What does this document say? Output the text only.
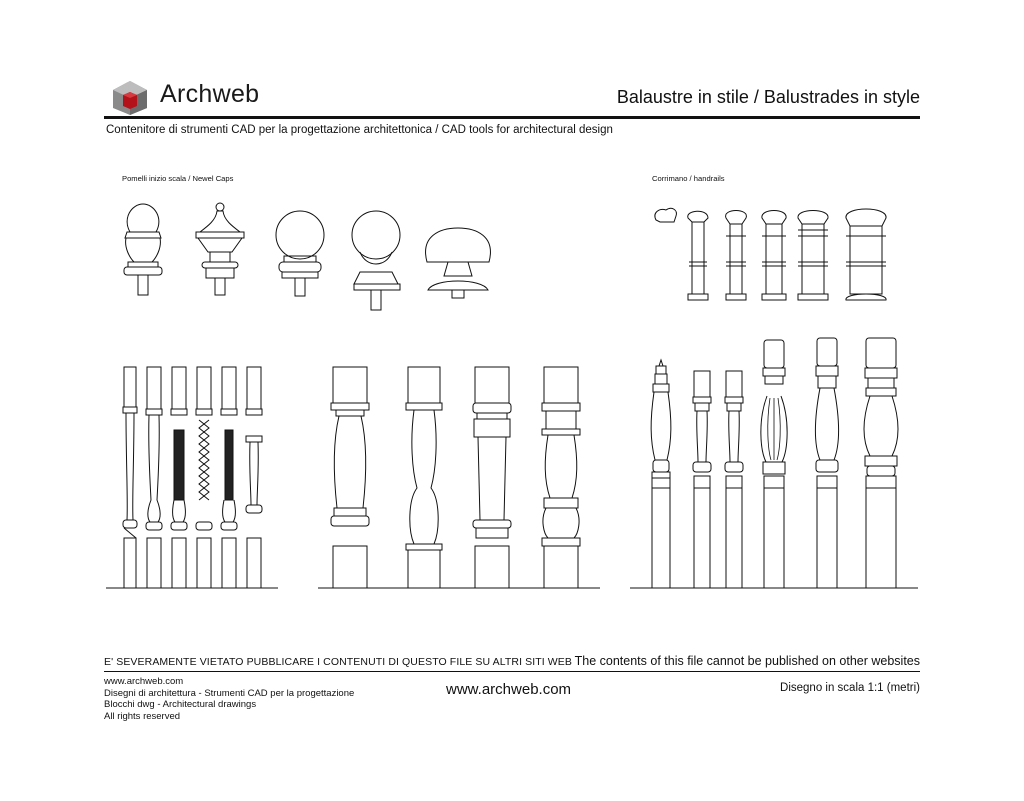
Archweb	Balaustre in stile / Balustrades in style
Contenitore di strumenti CAD per la progettazione architettonica / CAD tools for architectural design
Pomelli inizio scala / Newel Caps	Corrimano / handrails
E' SEVERAMENTE VIETATO PUBBLICARE I CONTENUTI DI QUESTO FILE SU ALTRI SITI WEB The contents of this file cannot be published on other websites
www.archweb.com
Disegni di architettura - Strumenti CAD per la progettazione
Blocchi dwg - Architectural drawings
All rights reserved
www.archweb.com	Disegno in scala 1:1 (metri)
